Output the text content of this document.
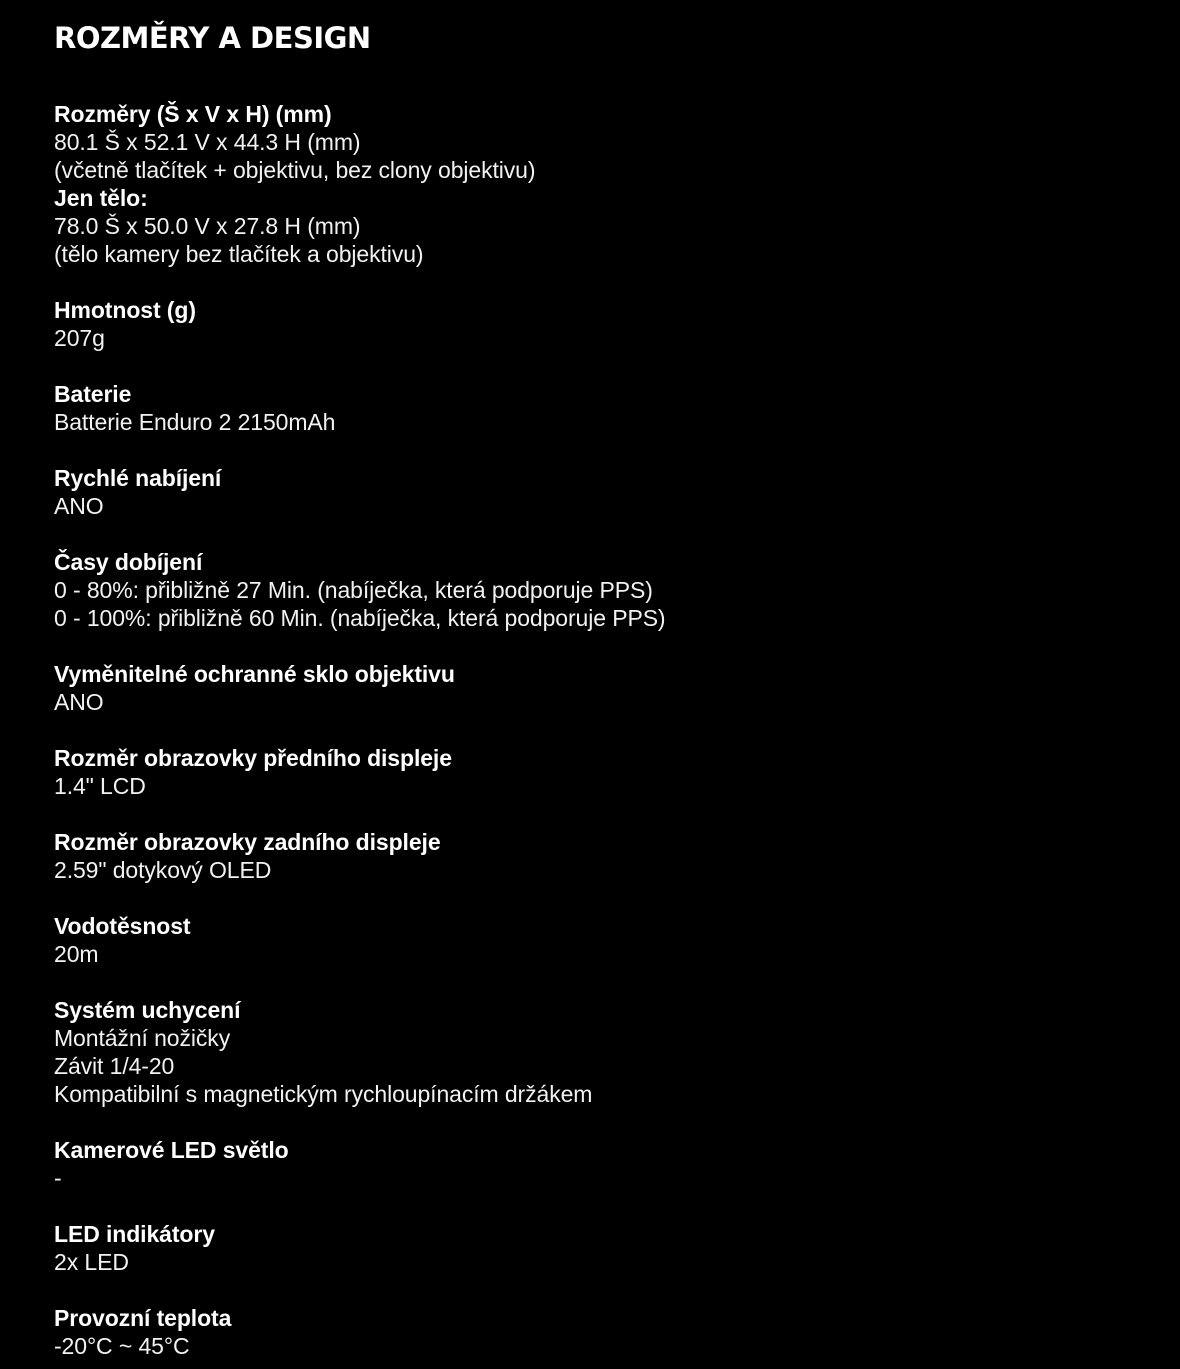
ROZMĚRY A DESIGN
Rozměry (Š x V x H) (mm)
80.1 Š x 52.1 V x 44.3 H (mm)
(včetně tlačítek + objektivu, bez clony objektivu)
Jen tělo:
78.0 Š x 50.0 V x 27.8 H (mm)
(tělo kamery bez tlačítek a objektivu)
Hmotnost (g)
207g
Baterie
Batterie Enduro 2 2150mAh
Rychlé nabíjení
ANO
Časy dobíjení
0 - 80%: přibližně 27 Min. (nabíječka, která podporuje PPS)
0 - 100%: přibližně 60 Min. (nabíječka, která podporuje PPS)
Vyměnitelné ochranné sklo objektivu
ANO
Rozměr obrazovky předního displeje
1.4" LCD
Rozměr obrazovky zadního displeje
2.59" dotykový OLED
Vodotěsnost
20m
Systém uchycení
Montážní nožičky
Závit 1/4-20
Kompatibilní s magnetickým rychloupínacím držákem
Kamerové LED světlo
-
LED indikátory
2x LED
Provozní teplota
-20°C ~ 45°C
